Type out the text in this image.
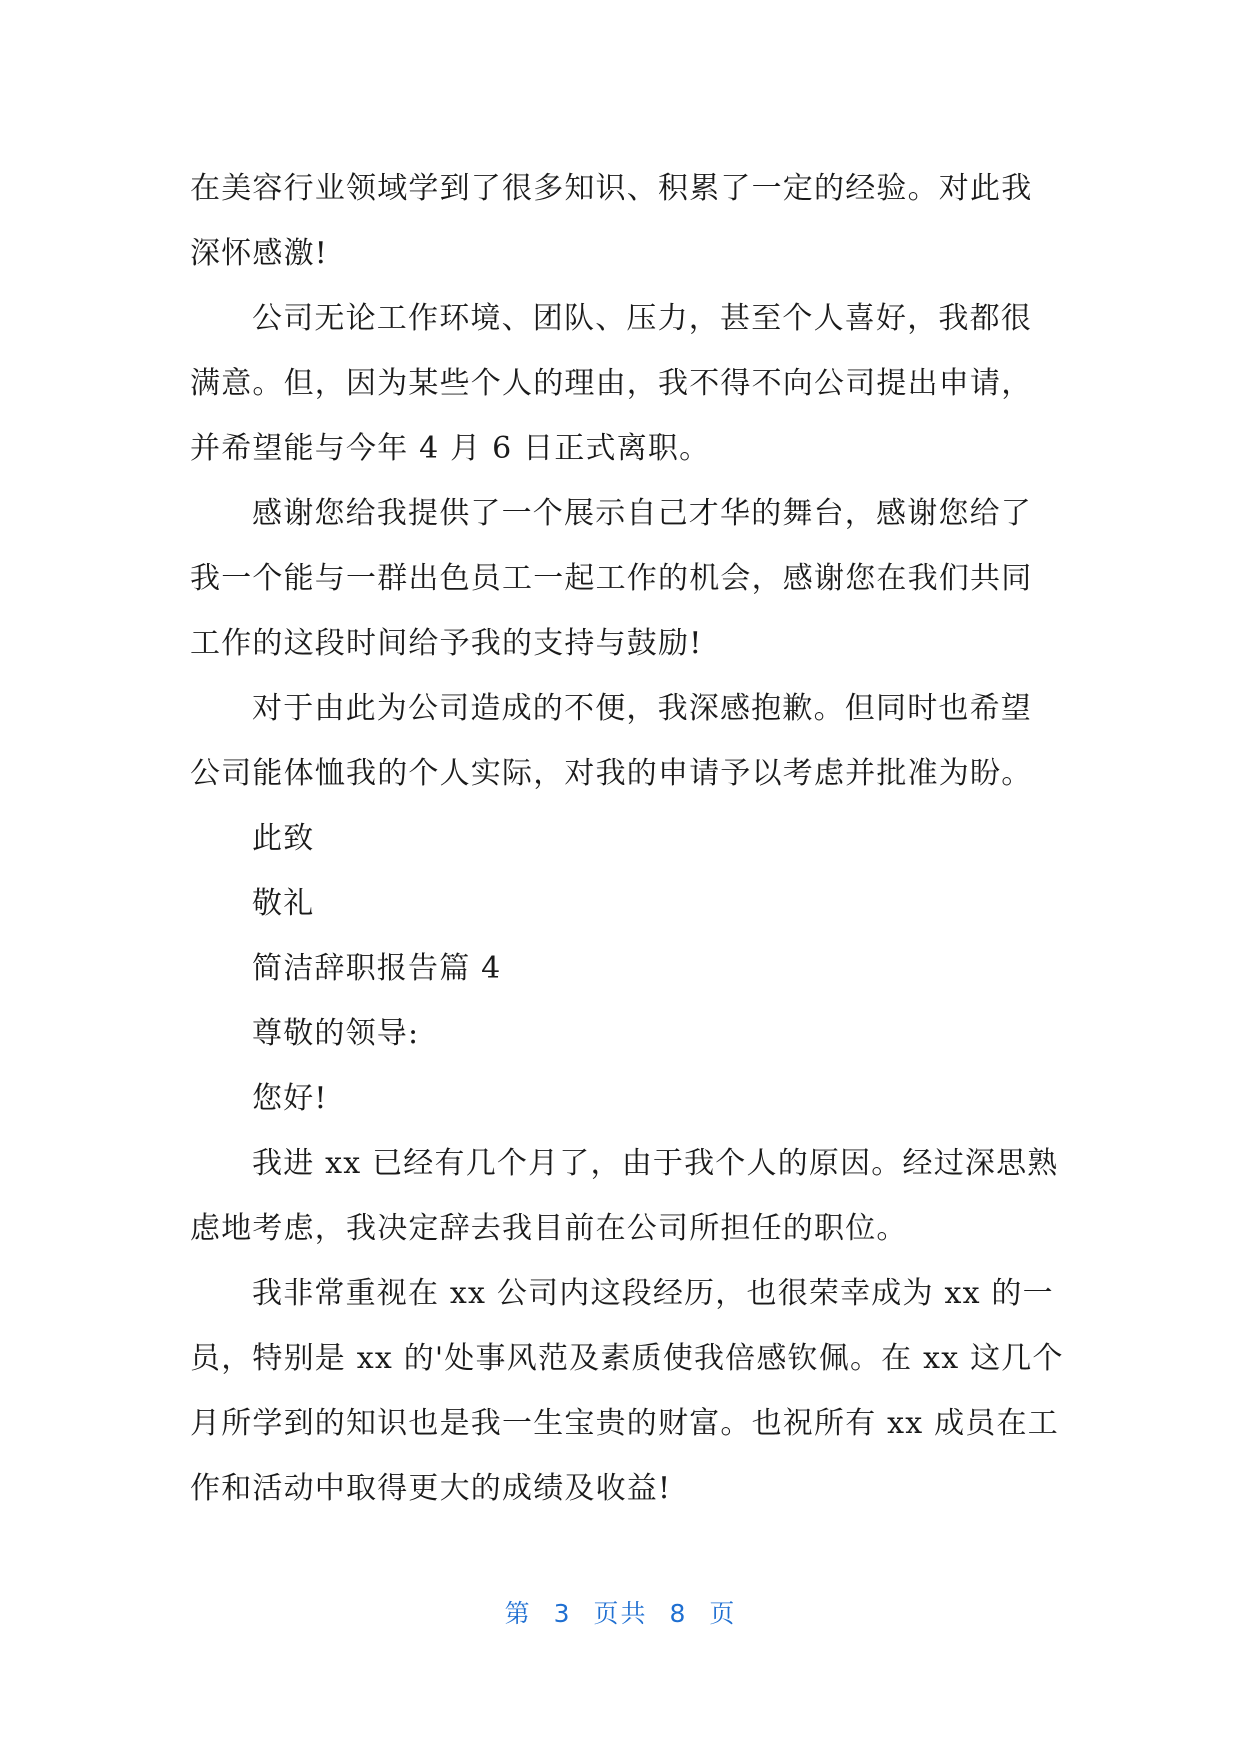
在美容行业领域学到了很多知识、积累了一定的经验。对此我
深怀感激!
公司无论工作环境、团队、压力，甚至个人喜好，我都很
满意。但，因为某些个人的理由，我不得不向公司提出申请，
并希望能与今年 4 月 6 日正式离职。
感谢您给我提供了一个展示自己才华的舞台，感谢您给了
我一个能与一群出色员工一起工作的机会，感谢您在我们共同
工作的这段时间给予我的支持与鼓励!
对于由此为公司造成的不便，我深感抱歉。但同时也希望
公司能体恤我的个人实际，对我的申请予以考虑并批准为盼。
此致
敬礼
简洁辞职报告篇 4
尊敬的领导:
您好!
我进 xx 已经有几个月了，由于我个人的原因。经过深思熟
虑地考虑，我决定辞去我目前在公司所担任的职位。
我非常重视在 xx 公司内这段经历，也很荣幸成为 xx 的一
员，特别是 xx 的'处事风范及素质使我倍感钦佩。在 xx 这几个
月所学到的知识也是我一生宝贵的财富。也祝所有 xx 成员在工
作和活动中取得更大的成绩及收益!
第 3 页共 8 页
